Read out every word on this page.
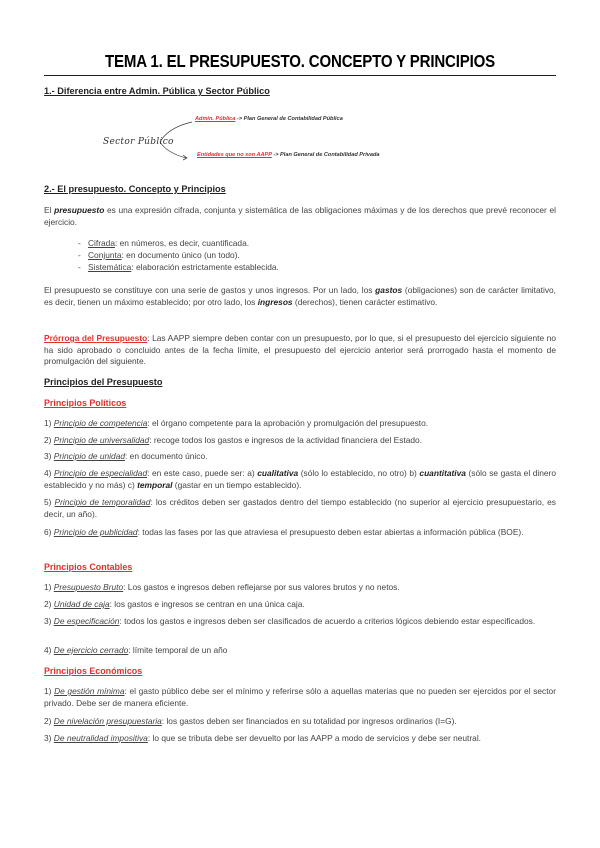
TEMA 1. EL PRESUPUESTO. CONCEPTO Y PRINCIPIOS
1.- Diferencia entre Admin. Pública y Sector Público
Sector Público
Admin. Pública -> Plan General de Contabilidad Pública
Entidades que no son AAPP -> Plan General de Contabilidad Privada
2.- El presupuesto. Concepto y Principios
El presupuesto es una expresión cifrada, conjunta y sistemática de las obligaciones máximas y de los derechos que prevé reconocer el ejercicio.
- Cifrada: en números, es decir, cuantificada.
- Conjunta: en documento único (un todo).
- Sistemática: elaboración estrictamente establecida.
El presupuesto se constituye con una serie de gastos y unos ingresos. Por un lado, los gastos (obligaciones) son de carácter limitativo, es decir, tienen un máximo establecido; por otro lado, los ingresos (derechos), tienen carácter estimativo.
Prórroga del Presupuesto: Las AAPP siempre deben contar con un presupuesto, por lo que, si el presupuesto del ejercicio siguiente no ha sido aprobado o concluido antes de la fecha límite, el presupuesto del ejercicio anterior será prorrogado hasta el momento de promulgación del siguiente.
Principios del Presupuesto
Principios Políticos
1) Principio de competencia: el órgano competente para la aprobación y promulgación del presupuesto.
2) Principio de universalidad: recoge todos los gastos e ingresos de la actividad financiera del Estado.
3) Principio de unidad: en documento único.
4) Principio de especialidad: en este caso, puede ser: a) cualitativa (sólo lo establecido, no otro) b) cuantitativa (sólo se gasta el dinero establecido y no más) c) temporal (gastar en un tiempo establecido).
5) Principio de temporalidad: los créditos deben ser gastados dentro del tiempo establecido (no superior al ejercicio presupuestario, es decir, un año).
6) Principio de publicidad: todas las fases por las que atraviesa el presupuesto deben estar abiertas a información pública (BOE).
Principios Contables
1) Presupuesto Bruto: Los gastos e ingresos deben reflejarse por sus valores brutos y no netos.
2) Unidad de caja: los gastos e ingresos se centran en una única caja.
3) De especificación: todos los gastos e ingresos deben ser clasificados de acuerdo a criterios lógicos debiendo estar especificados.
4) De ejercicio cerrado: límite temporal de un año
Principios Económicos
1) De gestión mínima: el gasto público debe ser el mínimo y referirse sólo a aquellas materias que no pueden ser ejercidos por el sector privado. Debe ser de manera eficiente.
2) De nivelación presupuestaria: los gastos deben ser financiados en su totalidad por ingresos ordinarios (I=G).
3) De neutralidad impositiva: lo que se tributa debe ser devuelto por las AAPP a modo de servicios y debe ser neutral.
